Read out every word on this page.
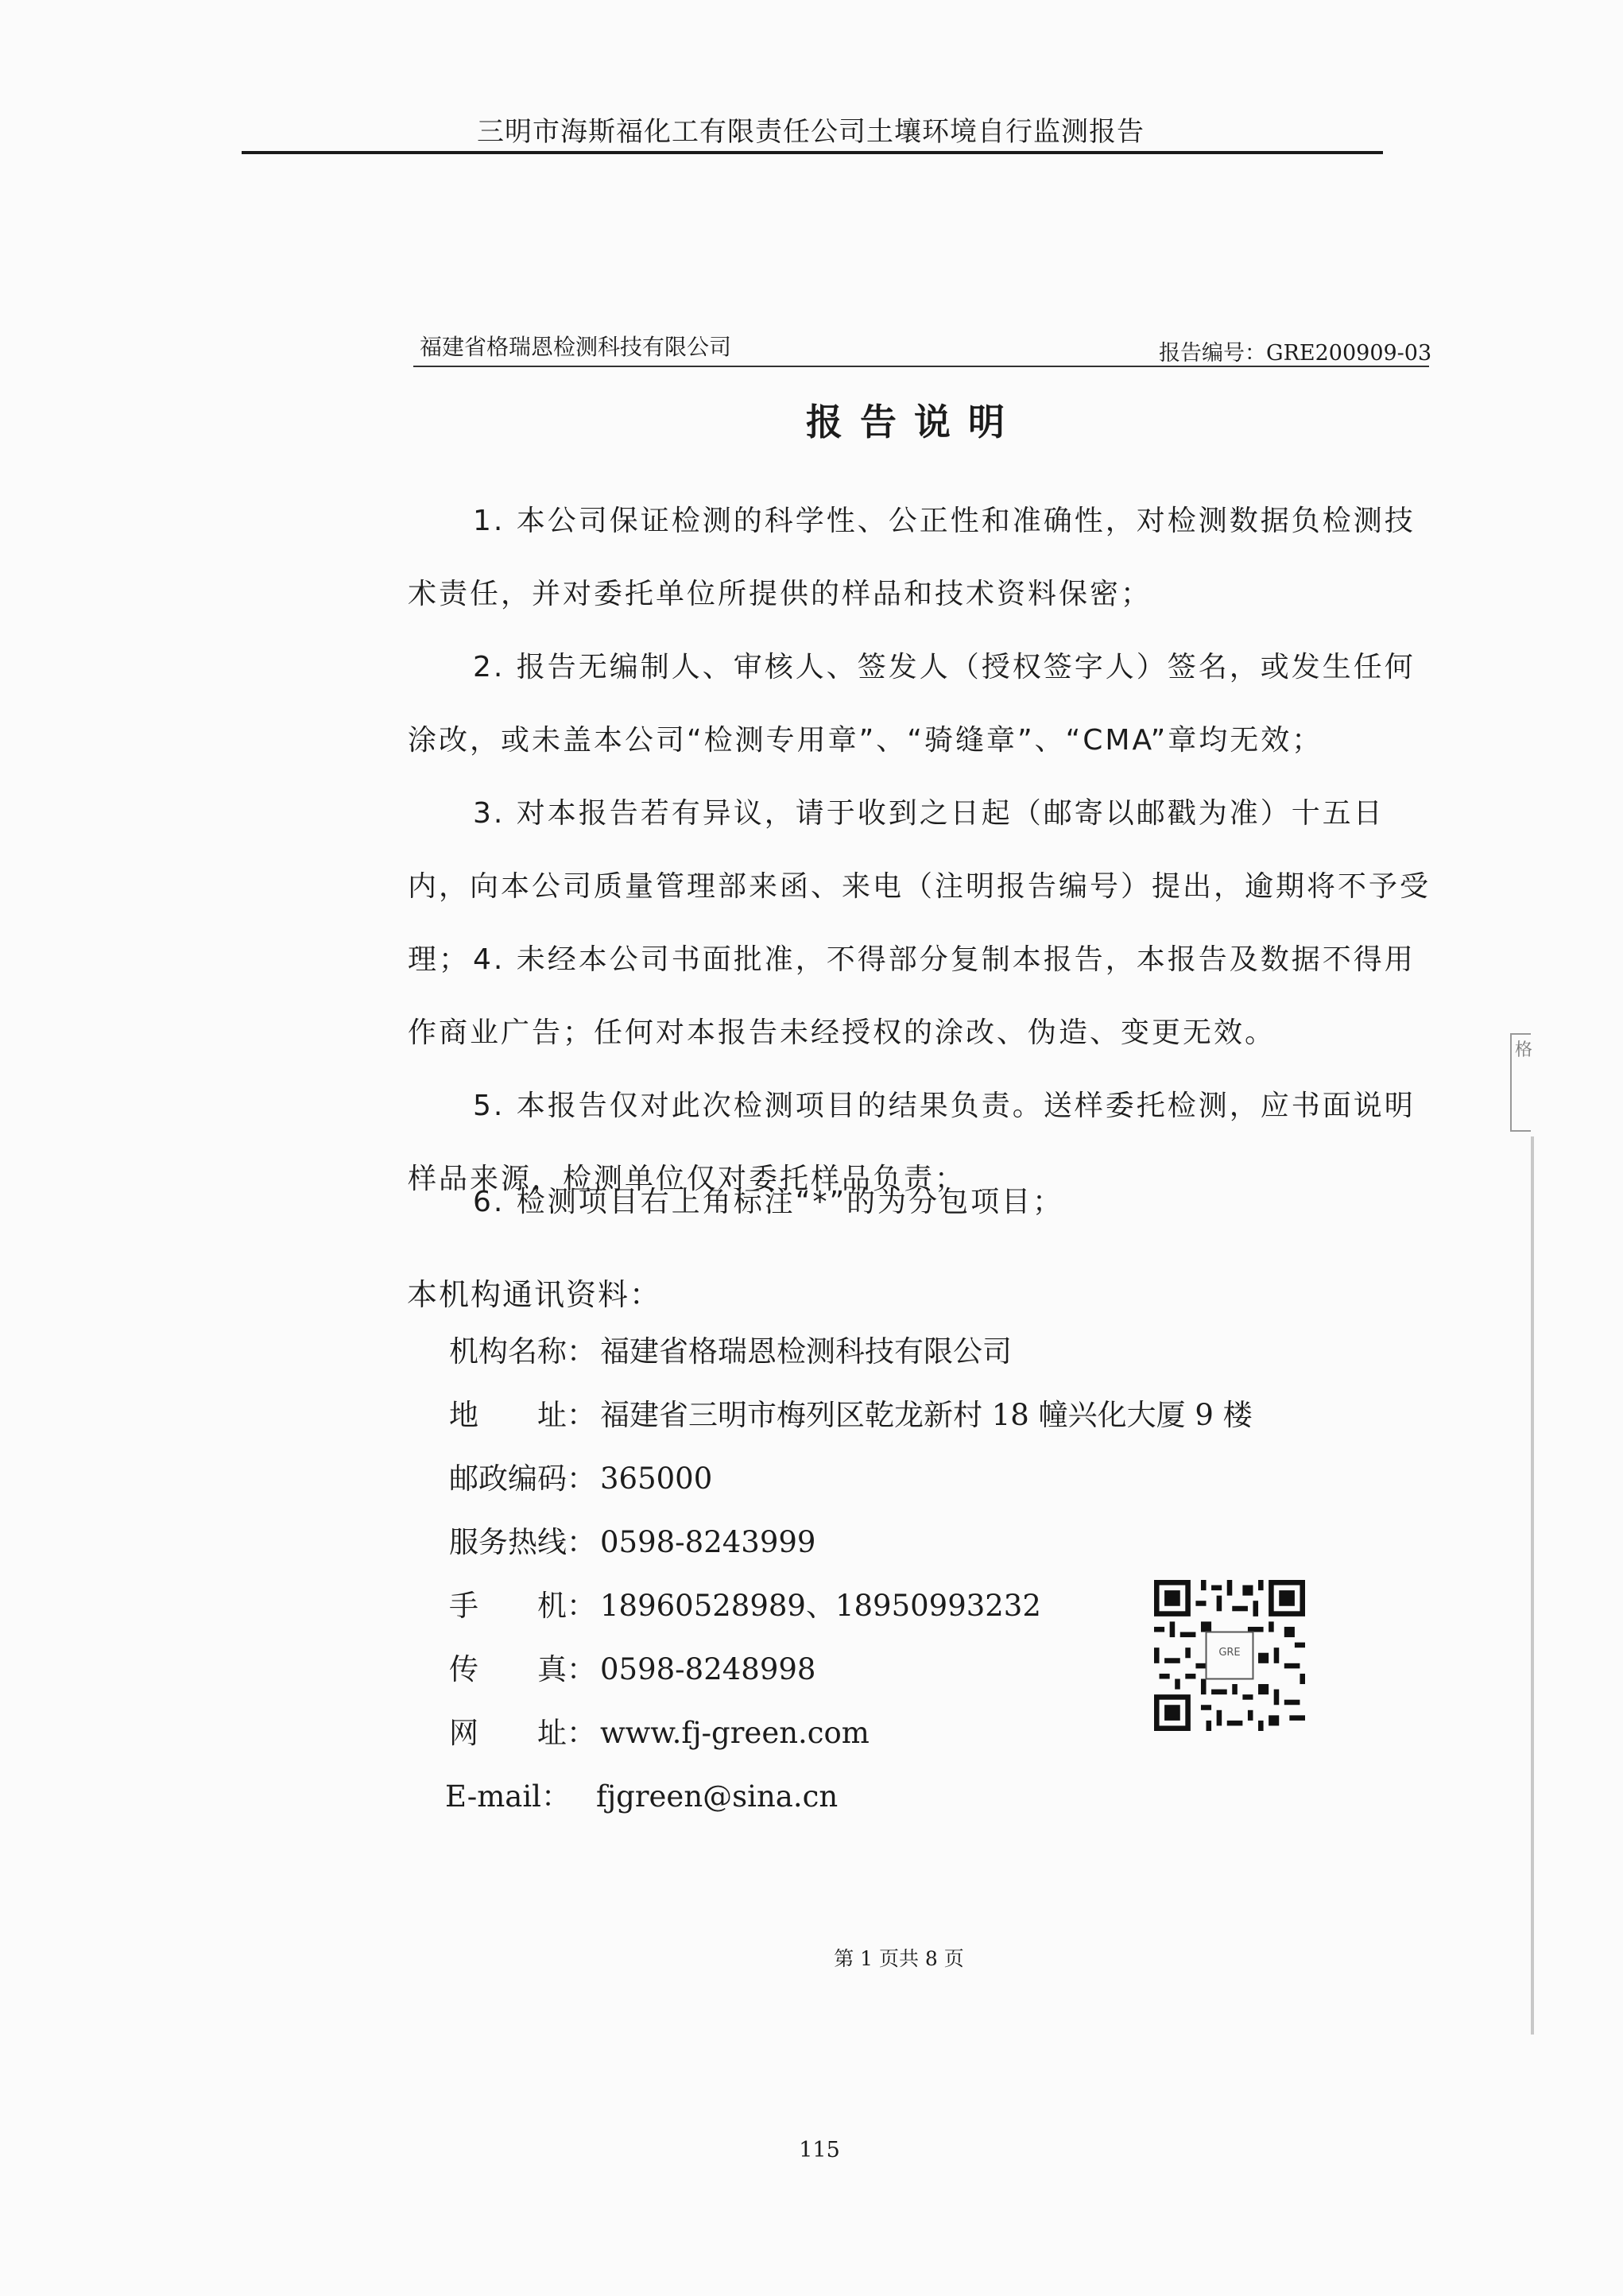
三明市海斯福化工有限责任公司土壤环境自行监测报告
福建省格瑞恩检测科技有限公司	报告编号：GRE200909-03
报告说明

1. 本公司保证检测的科学性、公正性和准确性，对检测数据负检测技术责任，并对委托单位所提供的样品和技术资料保密；

2. 报告无编制人、审核人、签发人（授权签字人）签名，或发生任何涂改，或未盖本公司“检测专用章”、“骑缝章”、“CMA”章均无效；

3. 对本报告若有异议，请于收到之日起（邮寄以邮戳为准）十五日内，向本公司质量管理部来函、来电（注明报告编号）提出，逾期将不予受理； 4. 未经本公司书面批准，不得部分复制本报告，本报告及数据不得用作商业广告；任何对本报告未经授权的涂改、伪造、变更无效。

5. 本报告仅对此次检测项目的结果负责。送样委托检测，应书面说明样品来源，检测单位仅对委托样品负责；

6. 检测项目右上角标注“*”的为分包项目；

本机构通讯资料：
机构名称： 福建省格瑞恩检测科技有限公司
地　　址： 福建省三明市梅列区乾龙新村 18 幢兴化大厦 9 楼
邮政编码： 365000
服务热线： 0598-8243999
手　　机： 18960528989、18950993232
传　　真： 0598-8248998
网　　址： www.fj-green.com
E-mail： fjgreen@sina.cn
GRE
第 1 页共 8 页
115
格
